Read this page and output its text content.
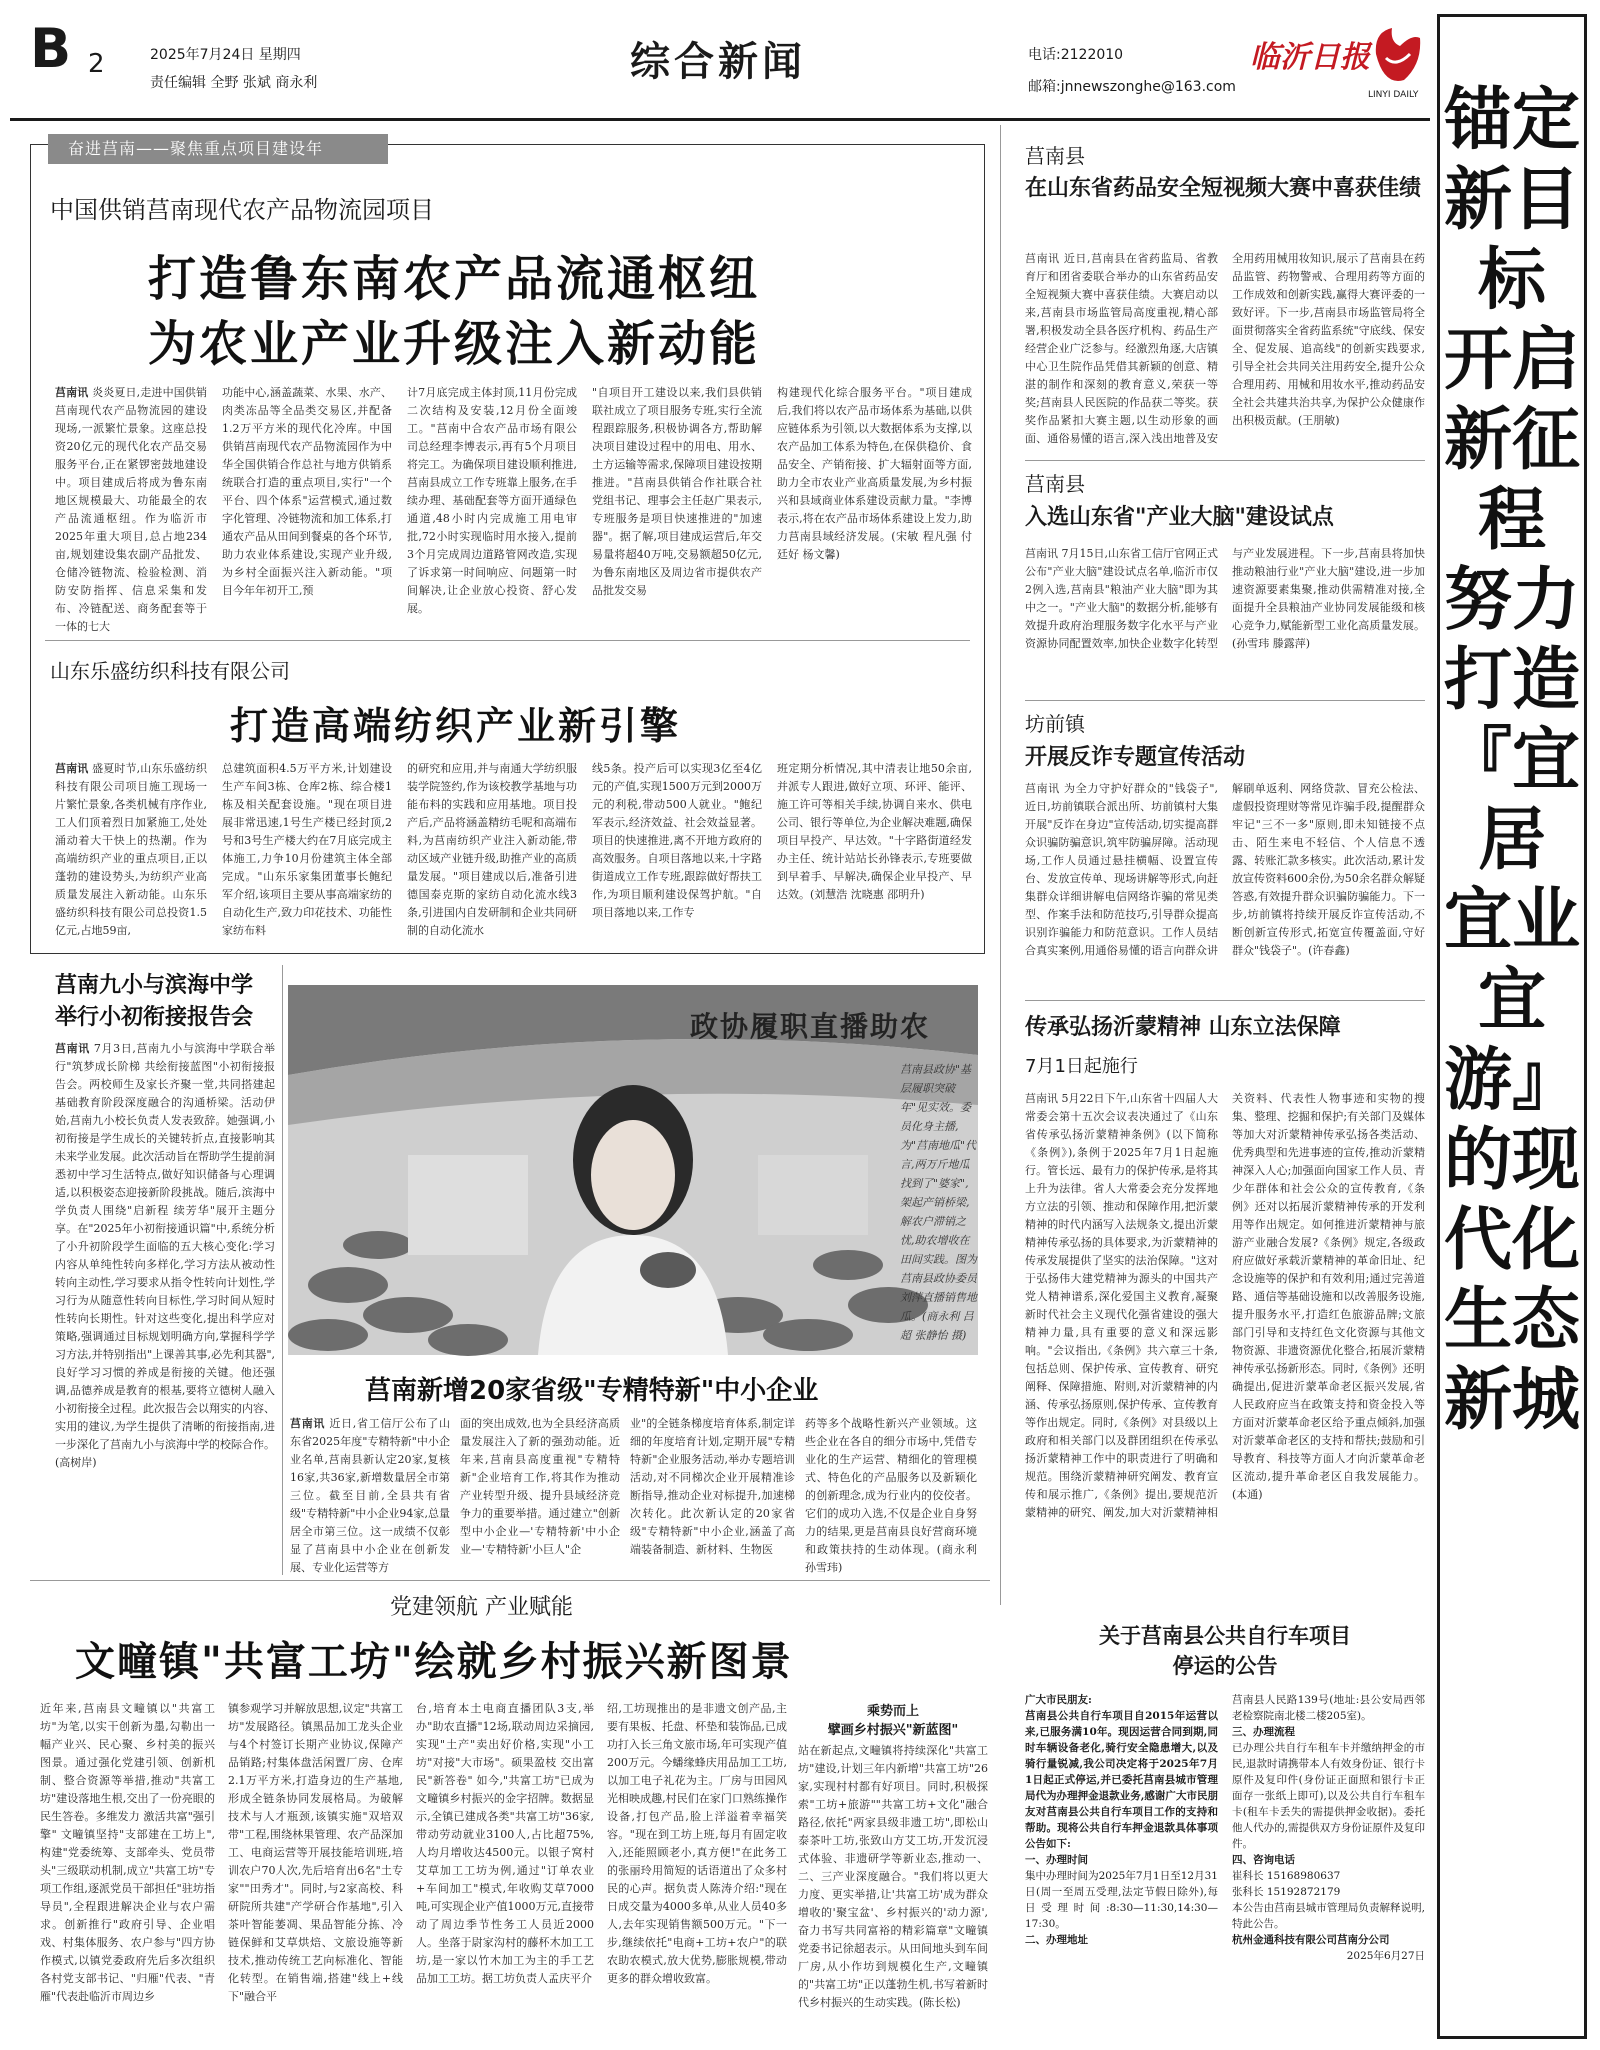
B 2	2025年7月24日 星期四
责任编辑 全野 张斌 商永利	综合新闻	电话:2122010
邮箱:jnnewszonghe@163.com
临沂日报
LINYI DAILY 锚定新目标 开启新征程 努力打造『宜居 宜业 宜游』的现代化生态新城
奋进莒南——聚焦重点项目建设年
中国供销莒南现代农产品物流园项目
打造鲁东南农产品流通枢纽
为农业产业升级注入新动能
莒南讯 炎炎夏日,走进中国供销莒南现代农产品物流园的建设现场,一派繁忙景象。这座总投资20亿元的现代化农产品交易服务平台,正在紧锣密鼓地建设中。项目建成后将成为鲁东南地区规模最大、功能最全的农产品流通枢纽。作为临沂市2025年重大项目,总占地234亩,规划建设集农副产品批发、仓储冷链物流、检验检测、消防安防指挥、信息采集和发布、冷链配送、商务配套等于一体的七大
功能中心,涵盖蔬菜、水果、水产、肉类冻品等全品类交易区,并配备1.2万平方米的现代化冷库。中国供销莒南现代农产品物流园作为中华全国供销合作总社与地方供销系统联合打造的重点项目,实行"一个平台、四个体系"运营模式,通过数字化管理、冷链物流和加工体系,打通农产品从田间到餐桌的各个环节,助力农业体系建设,实现产业升级,为乡村全面振兴注入新动能。"项目今年年初开工,预
计7月底完成主体封顶,11月份完成二次结构及安装,12月份全面竣工。"莒南中合农产品市场有限公司总经理李博表示,再有5个月项目将完工。为确保项目建设顺利推进,莒南县成立工作专班靠上服务,在手续办理、基础配套等方面开通绿色通道,48小时内完成施工用电审批,72小时实现临时用水接入,提前3个月完成周边道路管网改造,实现了诉求第一时间响应、问题第一时间解决,让企业放心投资、舒心发展。
"自项目开工建设以来,我们县供销联社成立了项目服务专班,实行全流程跟踪服务,积极协调各方,帮助解决项目建设过程中的用电、用水、土方运输等需求,保障项目建设按期推进。"莒南县供销合作社联合社党组书记、理事会主任赵广果表示,专班服务是项目快速推进的"加速器"。据了解,项目建成运营后,年交易量将超40万吨,交易额超50亿元,为鲁东南地区及周边省市提供农产品批发交易
构建现代化综合服务平台。"项目建成后,我们将以农产品市场体系为基础,以供应链体系为引领,以大数据体系为支撑,以农产品加工体系为特色,在保供稳价、食品安全、产销衔接、扩大辐射面等方面,助力全市农业产业高质量发展,为乡村振兴和县域商业体系建设贡献力量。"李博表示,将在农产品市场体系建设上发力,助力莒南县域经济发展。(宋敏 程凡强 付廷好 杨文馨)
山东乐盛纺织科技有限公司
打造高端纺织产业新引擎
莒南讯 盛夏时节,山东乐盛纺织科技有限公司项目施工现场一片繁忙景象,各类机械有序作业,工人们顶着烈日加紧施工,处处涌动着大干快上的热潮。作为高端纺织产业的重点项目,正以蓬勃的建设势头,为纺织产业高质量发展注入新动能。山东乐盛纺织科技有限公司总投资1.5亿元,占地59亩,
总建筑面积4.5万平方米,计划建设生产车间3栋、仓库2栋、综合楼1栋及相关配套设施。"现在项目进展非常迅速,1号生产楼已经封顶,2号和3号生产楼大约在7月底完成主体施工,力争10月份建筑主体全部完成。"山东乐家集团董事长鲍纪军介绍,该项目主要从事高端家纺的自动化生产,致力印花技术、功能性家纺布料
的研究和应用,并与南通大学纺织服装学院签约,作为该校教学基地与功能布料的实践和应用基地。项目投产后,产品将涵盖精纺毛呢和高端布料,为莒南纺织产业注入新动能,带动区域产业链升级,助推产业的高质量发展。"项目建成以后,准备引进德国泰克斯的家纺自动化流水线3条,引进国内自发研制和企业共同研制的自动化流水
线5条。投产后可以实现3亿至4亿元的产值,实现1500万元到2000万元的利税,带动500人就业。"鲍纪军表示,经济效益、社会效益显著。项目的快速推进,离不开地方政府的高效服务。自项目落地以来,十字路街道成立工作专班,跟踪做好帮扶工作,为项目顺利建设保驾护航。"自项目落地以来,工作专
班定期分析情况,其中清表让地50余亩,并派专人跟进,做好立项、环评、能评、施工许可等相关手续,协调自来水、供电公司、银行等单位,为企业解决难题,确保项目早投产、早达效。"十字路街道经发办主任、统计站站长孙锋表示,专班要做到早着手、早解决,确保企业早投产、早达效。(刘慧浩 沈晓惠 邵明升)
莒南九小与滨海中学
举行小初衔接报告会
莒南讯 7月3日,莒南九小与滨海中学联合举行"筑梦成长阶梯 共绘衔接蓝图"小初衔接报告会。两校师生及家长齐聚一堂,共同搭建起基础教育阶段深度融合的沟通桥梁。活动伊始,莒南九小校长负责人发表致辞。她强调,小初衔接是学生成长的关键转折点,直接影响其未来学业发展。此次活动旨在帮助学生提前洞悉初中学习生活特点,做好知识储备与心理调适,以积极姿态迎接新阶段挑战。随后,滨海中学负责人围绕"启新程 续芳华"展开主题分享。在"2025年小初衔接通识篇"中,系统分析了小升初阶段学生面临的五大核心变化:学习内容从单纯性转向多样化,学习方法从被动性转向主动性,学习要求从指令性转向计划性,学习行为从随意性转向目标性,学习时间从短时性转向长期性。针对这些变化,提出科学应对策略,强调通过目标规划明确方向,掌握科学学习方法,并特别指出"上课善其事,必先利其器",良好学习习惯的养成是衔接的关键。他还强调,品德养成是教育的根基,要将立德树人融入小初衔接全过程。此次报告会以翔实的内容、实用的建议,为学生提供了清晰的衔接指南,进一步深化了莒南九小与滨海中学的校际合作。(高树岸)
政协履职直播助农
莒南县政协"基层履职突破年"见实效。委员化身主播,为"莒南地瓜"代言,两万斤地瓜找到了"婆家",架起产销桥梁,解农户滞销之忧,助农增收在田间实践。图为莒南县政协委员刘萍直播销售地瓜。(商永利 吕超 张静怡 摄)
莒南新增20家省级"专精特新"中小企业
莒南讯 近日,省工信厅公布了山东省2025年度"专精特新"中小企业名单,莒南县新认定20家,复核16家,共36家,新增数量居全市第三位。截至目前,全县共有省级"专精特新"中小企业94家,总量居全市第三位。这一成绩不仅彰显了莒南县中小企业在创新发展、专业化运营等方
面的突出成效,也为全县经济高质量发展注入了新的强劲动能。近年来,莒南县高度重视"专精特新"企业培育工作,将其作为推动产业转型升级、提升县域经济竞争力的重要举措。通过建立"创新型中小企业—'专精特新'中小企业—'专精特新'小巨人"企
业"的全链条梯度培育体系,制定详细的年度培育计划,定期开展"专精特新"企业服务活动,举办专题培训活动,对不同梯次企业开展精准诊断指导,推动企业对标提升,加速梯次转化。此次新认定的20家省级"专精特新"中小企业,涵盖了高端装备制造、新材料、生物医
药等多个战略性新兴产业领域。这些企业在各自的细分市场中,凭借专业化的生产运营、精细化的管理模式、特色化的产品服务以及新颖化的创新理念,成为行业内的佼佼者。它们的成功入选,不仅是企业自身努力的结果,更是莒南县良好营商环境和政策扶持的生动体现。(商永利 孙雪玮)
党建领航 产业赋能
文疃镇"共富工坊"绘就乡村振兴新图景
近年来,莒南县文疃镇以"共富工坊"为笔,以实干创新为墨,勾勒出一幅产业兴、民心聚、乡村美的振兴图景。通过强化党建引领、创新机制、整合资源等举措,推动"共富工坊"建设落地生根,交出了一份亮眼的民生答卷。多维发力 激活共富"强引擎" 文疃镇坚持"支部建在工坊上",构建"党委统筹、支部牵头、党员带头"三级联动机制,成立"共富工坊"专项工作组,逐派党员干部担任"驻坊指导员",全程跟进解决企业与农户需求。创新推行"政府引导、企业唱戏、村集体服务、农户参与"四方协作模式,以镇党委政府先后多次组织各村党支部书记、"归雁"代表、"青雁"代表赴临沂市周边乡
镇参观学习并解放思想,议定"共富工坊"发展路径。镇黑品加工龙头企业与4个村签订长期产业协议,保障产品销路;村集体盘活闲置厂房、仓库2.1万平方米,打造身边的生产基地,形成全链条协同发展格局。为破解技术与人才瓶颈,该镇实施"双培双带"工程,围绕林果管理、农产品深加工、电商运营等开展技能培训班,培训农户70人次,先后培育出6名"土专家""田秀才"。同时,与2家高校、科研院所共建"产学研合作基地",引入茶叶智能萎凋、果品智能分拣、冷链保鲜和艾草烘焙、文旅设施等新技术,推动传统工艺向标准化、智能化转型。在销售端,搭建"线上+线下"融合平
台,培育本土电商直播团队3支,举办"助农直播"12场,联动周边采摘园,实现"土产"卖出好价格,实现"小工坊"对接"大市场"。硕果盈枝 交出富民"新答卷" 如今,"共富工坊"已成为文疃镇乡村振兴的金字招牌。数据显示,全镇已建成各类"共富工坊"36家,带动劳动就业3100人,占比超75%,人均月增收达4500元。以银子窝村艾草加工工坊为例,通过"订单农业+车间加工"模式,年收购艾草7000吨,可实现企业产值1000万元,直接带动了周边季节性务工人员近2000人。坐落于尉家沟村的藤杯木加工工坊,是一家以竹木加工为主的手工艺品加工工坊。据工坊负责人孟庆平介
绍,工坊现推出的是非遗文创产品,主要有果板、托盘、杯垫和装饰品,已成功打入长三角文旅市场,年可实现产值200万元。今蟠缘蜂庆用品加工工坊,以加工电子礼花为主。厂房与田园风光相映成趣,村民们在家门口熟练操作设备,打包产品,脸上洋溢着幸福笑容。"现在到工坊上班,每月有固定收入,还能照顾老小,真方便!"在此务工的张丽玲用简短的话语道出了众多村民的心声。据负责人陈涛介绍:"现在日成交量为4000多单,从业人员40多人,去年实现销售额500万元。"下一步,继续依托"电商+工坊+农户"的联农助农模式,放大优势,膨胀规模,带动更多的群众增收致富。
乘势而上
擘画乡村振兴"新蓝图"
站在新起点,文疃镇将持续深化"共富工坊"建设,计划三年内新增"共富工坊"26家,实现村村都有好项目。同时,积极探索"工坊+旅游""共富工坊+文化"融合路径,依托"两家县级非遗工坊",即松山泰茶叶工坊,张致山方艾工坊,开发沉浸式体验、非遗研学等新业态,推动一、二、三产业深度融合。"我们将以更大力度、更实举措,让'共富工坊'成为群众增收的'聚宝盆'、乡村振兴的'动力源',奋力书写共同富裕的精彩篇章"文疃镇党委书记徐超表示。从田间地头到车间厂房,从小作坊到规模化生产,文疃镇的"共富工坊"正以蓬勃生机,书写着新时代乡村振兴的生动实践。(陈长松)
莒南县
在山东省药品安全短视频大赛中喜获佳绩
莒南讯 近日,莒南县在省药监局、省教育厅和团省委联合举办的山东省药品安全短视频大赛中喜获佳绩。大赛启动以来,莒南县市场监管局高度重视,精心部署,积极发动全县各医疗机构、药品生产经营企业广泛参与。经激烈角逐,大店镇中心卫生院作品凭借其新颖的创意、精湛的制作和深刻的教育意义,荣获一等奖;莒南县人民医院的作品获二等奖。获奖作品紧扣大赛主题,以生动形象的画面、通俗易懂的语言,深入浅出地普及安全用药用械用妆知识,展示了莒南县在药品监管、药物警戒、合理用药等方面的工作成效和创新实践,赢得大赛评委的一致好评。下一步,莒南县市场监管局将全面贯彻落实全省药监系统"守底线、保安全、促发展、追高线"的创新实践要求,引导全社会共同关注用药安全,提升公众合理用药、用械和用妆水平,推动药品安全社会共建共治共享,为保护公众健康作出积极贡献。(王朋敏)
莒南县
入选山东省"产业大脑"建设试点
莒南讯 7月15日,山东省工信厅官网正式公布"产业大脑"建设试点名单,临沂市仅2例入选,莒南县"粮油产业大脑"即为其中之一。"产业大脑"的数据分析,能够有效提升政府治理服务数字化水平与产业资源协同配置效率,加快企业数字化转型与产业发展进程。下一步,莒南县将加快推动粮油行业"产业大脑"建设,进一步加速资源要素集聚,推动供需精准对接,全面提升全县粮油产业协同发展能级和核心竞争力,赋能新型工业化高质量发展。(孙雪玮 滕露萍)
坊前镇
开展反诈专题宣传活动
莒南讯 为全力守护好群众的"钱袋子",近日,坊前镇联合派出所、坊前镇村大集开展"反诈在身边"宣传活动,切实提高群众识骗防骗意识,筑牢防骗屏障。活动现场,工作人员通过悬挂横幅、设置宣传台、发放宣传单、现场讲解等形式,向赶集群众详细讲解电信网络诈骗的常见类型、作案手法和防范技巧,引导群众提高识别诈骗能力和防范意识。工作人员结合真实案例,用通俗易懂的语言向群众讲解刷单返利、网络贷款、冒充公检法、虚假投资理财等常见诈骗手段,提醒群众牢记"三不一多"原则,即未知链接不点击、陌生来电不轻信、个人信息不透露、转账汇款多核实。此次活动,累计发放宣传资料600余份,为50余名群众解疑答惑,有效提升群众识骗防骗能力。下一步,坊前镇将持续开展反诈宣传活动,不断创新宣传形式,拓宽宣传覆盖面,守好群众"钱袋子"。(许春鑫)
传承弘扬沂蒙精神 山东立法保障
7月1日起施行
莒南讯 5月22日下午,山东省十四届人大常委会第十五次会议表决通过了《山东省传承弘扬沂蒙精神条例》(以下简称《条例》),条例于2025年7月1日起施行。管长远、最有力的保护传承,是将其上升为法律。省人大常委会充分发挥地方立法的引领、推动和保障作用,把沂蒙精神的时代内涵写入法规条文,提出沂蒙精神传承弘扬的具体要求,为沂蒙精神的传承发展提供了坚实的法治保障。"这对于弘扬伟大建党精神为源头的中国共产党人精神谱系,深化爱国主义教育,凝聚新时代社会主义现代化强省建设的强大精神力量,具有重要的意义和深远影响。"会议指出,《条例》共六章三十条,包括总则、保护传承、宣传教育、研究阐释、保障措施、附则,对沂蒙精神的内涵、传承弘扬原则,保护传承、宣传教育等作出规定。同时,《条例》对县级以上政府和相关部门以及群团组织在传承弘扬沂蒙精神工作中的职责进行了明确和规范。围绕沂蒙精神研究阐发、教育宣传和展示推广,《条例》提出,要规范沂蒙精神的研究、阐发,加大对沂蒙精神相关资料、代表性人物事迹和实物的搜集、整理、挖掘和保护;有关部门及媒体等加大对沂蒙精神传承弘扬各类活动、优秀典型和先进事迹的宣传,推动沂蒙精神深入人心;加强面向国家工作人员、青少年群体和社会公众的宣传教育,《条例》还对以拓展沂蒙精神传承的开发利用等作出规定。如何推进沂蒙精神与旅游产业融合发展?《条例》规定,各级政府应做好承载沂蒙精神的革命旧址、纪念设施等的保护和有效利用;通过完善道路、通信等基础设施和以改善服务设施,提升服务水平,打造红色旅游品牌;文旅部门引导和支持红色文化资源与其他文物资源、非遗资源优化整合,拓展沂蒙精神传承弘扬新形态。同时,《条例》还明确提出,促进沂蒙革命老区振兴发展,省人民政府应当在政策支持和资金投入等方面对沂蒙革命老区给予重点倾斜,加强对沂蒙革命老区的支持和帮扶;鼓励和引导教育、科技等方面人才向沂蒙革命老区流动,提升革命老区自我发展能力。(本通)
关于莒南县公共自行车项目
停运的公告
广大市民朋友:
莒南县公共自行车项目自2015年运营以来,已服务满10年。现因运营合同到期,同时车辆设备老化,骑行安全隐患增大,以及骑行量锐减,我公司决定将于2025年7月1日起正式停运,并已委托莒南县城市管理局代为办理押金退款业务,感谢广大市民朋友对莒南县公共自行车项目工作的支持和帮助。现将公共自行车押金退款具体事项公告如下:
一、办理时间
集中办理时间为2025年7月1日至12月31日(周一至周五受理,法定节假日除外),每日受理时间:8:30—11:30,14:30—17:30。
二、办理地址
莒南县人民路139号(地址:县公安局西邻老检察院南北楼二楼205室)。
三、办理流程
已办理公共自行车租车卡并缴纳押金的市民,退款时请携带本人有效身份证、银行卡原件及复印件(身份证正面照和银行卡正面存一张纸上即可),以及公共自行车租车卡(租车卡丢失的需提供押金收据)。委托他人代办的,需提供双方身份证原件及复印件。
四、咨询电话
崔科长 15168980637
张科长 15192872179
本公告由莒南县城市管理局负责解释说明,特此公告。
杭州金通科技有限公司莒南分公司
2025年6月27日
